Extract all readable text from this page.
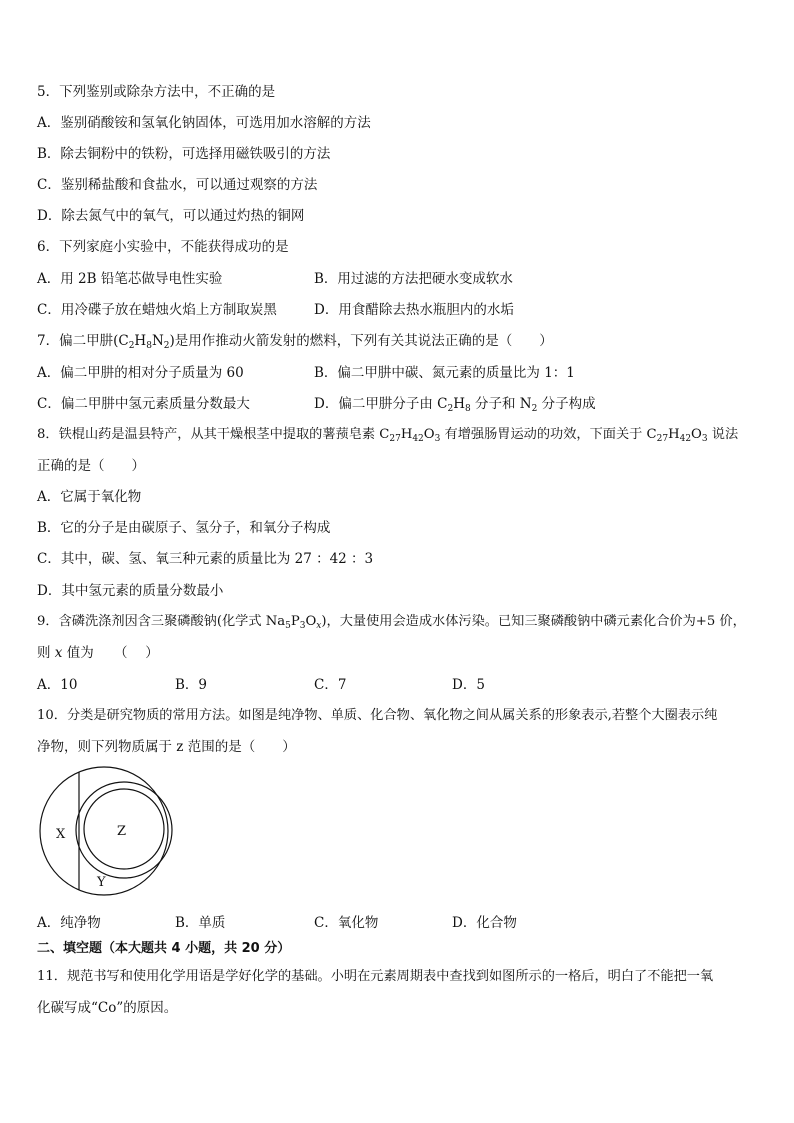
5．下列鉴别或除杂方法中，不正确的是
A．鉴别硝酸铵和氢氧化钠固体，可选用加水溶解的方法
B．除去铜粉中的铁粉，可选择用磁铁吸引的方法
C．鉴别稀盐酸和食盐水，可以通过观察的方法
D．除去氮气中的氧气，可以通过灼热的铜网
6．下列家庭小实验中，不能获得成功的是
A．用 2B 铅笔芯做导电性实验	B．用过滤的方法把硬水变成软水
C．用冷碟子放在蜡烛火焰上方制取炭黑	D．用食醋除去热水瓶胆内的水垢
7．偏二甲肼$(C_2H_8N_2)$是用作推动火箭发射的燃料，下列有关其说法正确的是（　　）
A．偏二甲肼的相对分子质量为 60	B．偏二甲肼中碳、氮元素的质量比为 1：1
C．偏二甲肼中氢元素质量分数最大	D．偏二甲肼分子由 $C_2H_8$ 分子和 $N_2$ 分子构成
8．铁棍山药是温县特产，从其干燥根茎中提取的薯蓣皂素 $C_{27}H_{42}O_3$ 有增强肠胃运动的功效，下面关于 $C_{27}H_{42}O_3$ 说法
正确的是（　　）
A．它属于氧化物
B．它的分子是由碳原子、氢分子，和氧分子构成
C．其中，碳、氢、氧三种元素的质量比为 27 ：42 ：3
D．其中氢元素的质量分数最小
9．含磷洗涤剂因含三聚磷酸钠(化学式 $Na_5P_3O_x$)，大量使用会造成水体污染。已知三聚磷酸钠中磷元素化合价为+5 价，
则 x 值为　　（　 ）
A．10	B．9	C．7	D．5
10．分类是研究物质的常用方法。如图是纯净物、单质、化合物、氧化物之间从属关系的形象表示,若整个大圈表示纯
净物，则下列物质属于 z 范围的是（　　）
X
Y
Z
A．纯净物	B．单质	C．氧化物	D．化合物
二、填空题（本大题共 4 小题，共 20 分）
11．规范书写和使用化学用语是学好化学的基础。小明在元素周期表中查找到如图所示的一格后，明白了不能把一氧
化碳写成“Co”的原因。
